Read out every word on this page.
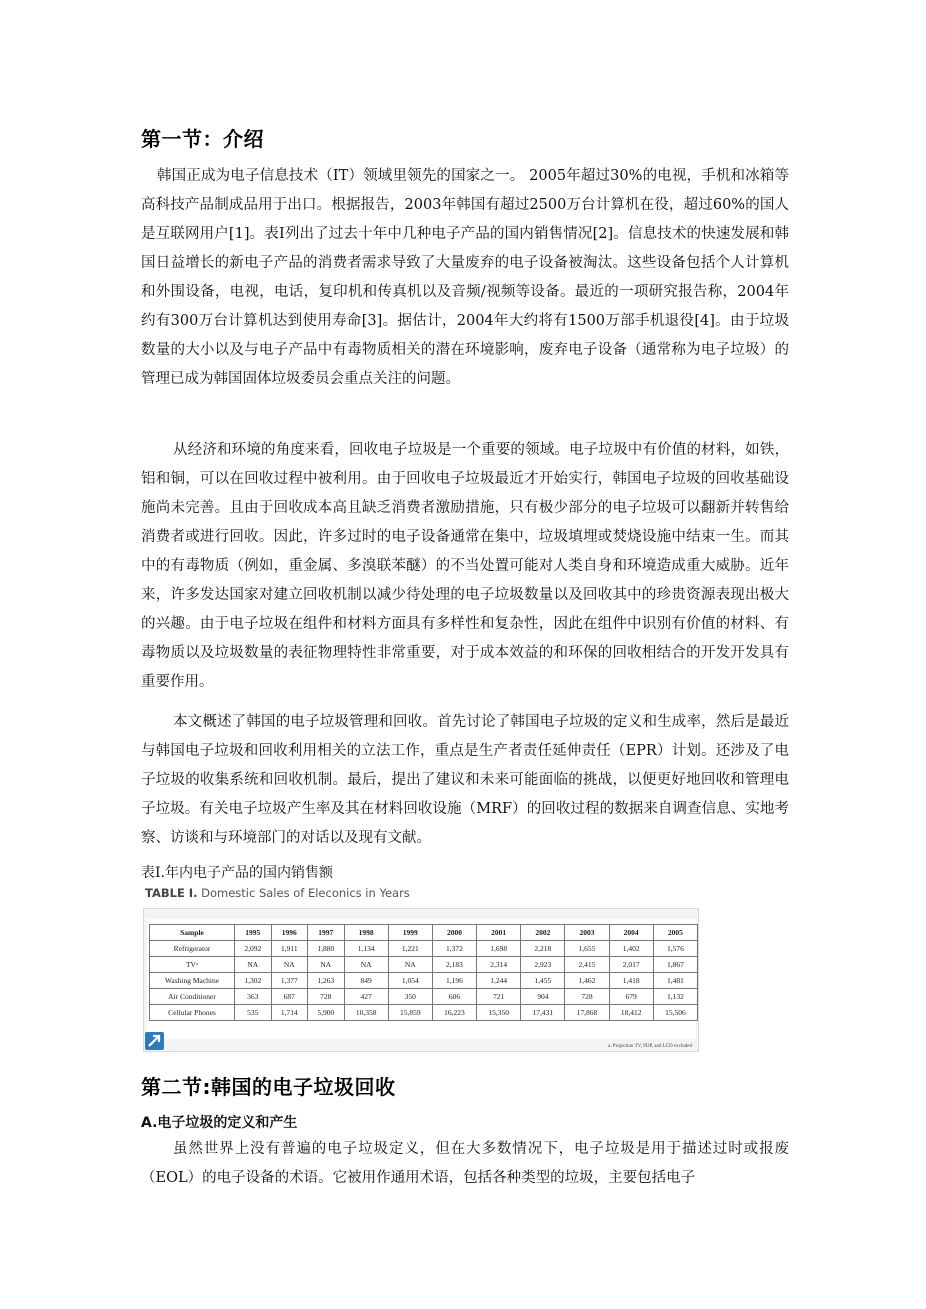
第一节：介绍

韩国正成为电子信息技术（IT）领域里领先的国家之一。 2005年超过30%的电视，手机和冰箱等高科技产品制成品用于出口。根据报告，2003年韩国有超过2500万台计算机在役，超过60%的国人是互联网用户[1]。表I列出了过去十年中几种电子产品的国内销售情况[2]。信息技术的快速发展和韩国日益增长的新电子产品的消费者需求导致了大量废弃的电子设备被淘汰。这些设备包括个人计算机和外围设备，电视，电话，复印机和传真机以及音频/视频等设备。最近的一项研究报告称，2004年约有300万台计算机达到使用寿命[3]。据估计，2004年大约将有1500万部手机退役[4]。由于垃圾数量的大小以及与电子产品中有毒物质相关的潜在环境影响，废弃电子设备（通常称为电子垃圾）的管理已成为韩国固体垃圾委员会重点关注的问题。

从经济和环境的角度来看，回收电子垃圾是一个重要的领域。电子垃圾中有价值的材料，如铁，铝和铜，可以在回收过程中被利用。由于回收电子垃圾最近才开始实行，韩国电子垃圾的回收基础设施尚未完善。且由于回收成本高且缺乏消费者激励措施，只有极少部分的电子垃圾可以翻新并转售给消费者或进行回收。因此，许多过时的电子设备通常在集中，垃圾填埋或焚烧设施中结束一生。而其中的有毒物质（例如，重金属、多溴联苯醚）的不当处置可能对人类自身和环境造成重大威胁。近年来，许多发达国家对建立回收机制以减少待处理的电子垃圾数量以及回收其中的珍贵资源表现出极大的兴趣。由于电子垃圾在组件和材料方面具有多样性和复杂性，因此在组件中识别有价值的材料、有毒物质以及垃圾数量的表征物理特性非常重要，对于成本效益的和环保的回收相结合的开发开发具有重要作用。

本文概述了韩国的电子垃圾管理和回收。首先讨论了韩国电子垃圾的定义和生成率，然后是最近与韩国电子垃圾和回收利用相关的立法工作，重点是生产者责任延伸责任（EPR）计划。还涉及了电子垃圾的收集系统和回收机制。最后，提出了建议和未来可能面临的挑战，以便更好地回收和管理电子垃圾。有关电子垃圾产生率及其在材料回收设施（MRF）的回收过程的数据来自调查信息、实地考察、访谈和与环境部门的对话以及现有文献。

表I.年内电子产品的国内销售额
TABLE I. Domestic Sales of Eleconics in Years
Sample	1995	1996	1997	1998	1999	2000	2001	2002	2003	2004	2005
Refrigerator	2,092	1,911	1,880	1,134	1,221	1,372	1,698	2,218	1,655	1,402	1,576
TVᵃ	NA	NA	NA	NA	NA	2,183	2,314	2,923	2,415	2,017	1,867
Washing Machine	1,302	1,377	1,263	849	1,054	1,196	1,244	1,455	1,462	1,418	1,481
Air Conditioner	363	687	728	427	350	606	721	904	728	679	1,132
Cellular Phones	535	1,714	5,900	10,358	15,859	16,223	15,350	17,431	17,868	18,412	15,506
a. Projection TV, PDP, and LCD excluded
第二节:韩国的电子垃圾回收
A.电子垃圾的定义和产生

虽然世界上没有普遍的电子垃圾定义，但在大多数情况下，电子垃圾是用于描述过时或报废（EOL）的电子设备的术语。它被用作通用术语，包括各种类型的垃圾，主要包括电子
